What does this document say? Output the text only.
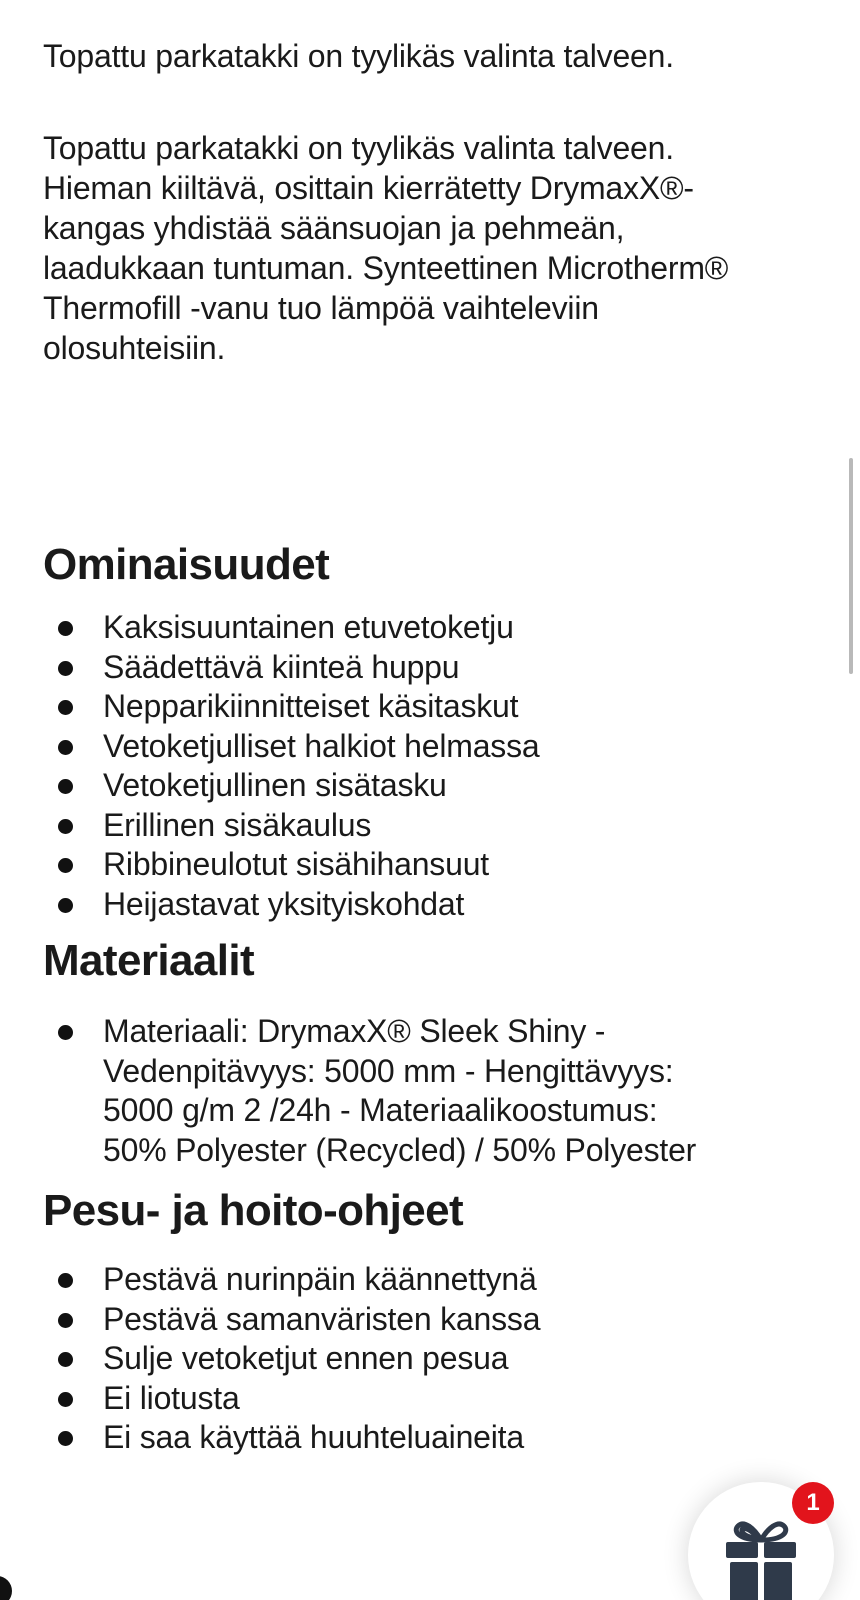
Topattu parkatakki on tyylikäs valinta talveen.

Topattu parkatakki on tyylikäs valinta talveen.
Hieman kiiltävä, osittain kierrätetty DrymaxX®-
kangas yhdistää säänsuojan ja pehmeän,
laadukkaan tuntuman. Synteettinen Microtherm®
Thermofill -vanu tuo lämpöä vaihteleviin
olosuhteisiin.

Ominaisuudet
Kaksisuuntainen etuvetoketju
Säädettävä kiinteä huppu
Nepparikiinnitteiset käsitaskut
Vetoketjulliset halkiot helmassa
Vetoketjullinen sisätasku
Erillinen sisäkaulus
Ribbineulotut sisähihansuut
Heijastavat yksityiskohdat
Materiaalit
Materiaali: DrymaxX® Sleek Shiny -
Vedenpitävyys: 5000 mm - Hengittävyys:
5000 g/m 2 /24h - Materiaalikoostumus:
50% Polyester (Recycled) / 50% Polyester
Pesu- ja hoito-ohjeet
Pestävä nurinpäin käännettynä
Pestävä samanväristen kanssa
Sulje vetoketjut ennen pesua
Ei liotusta
Ei saa käyttää huuhteluaineita
1
